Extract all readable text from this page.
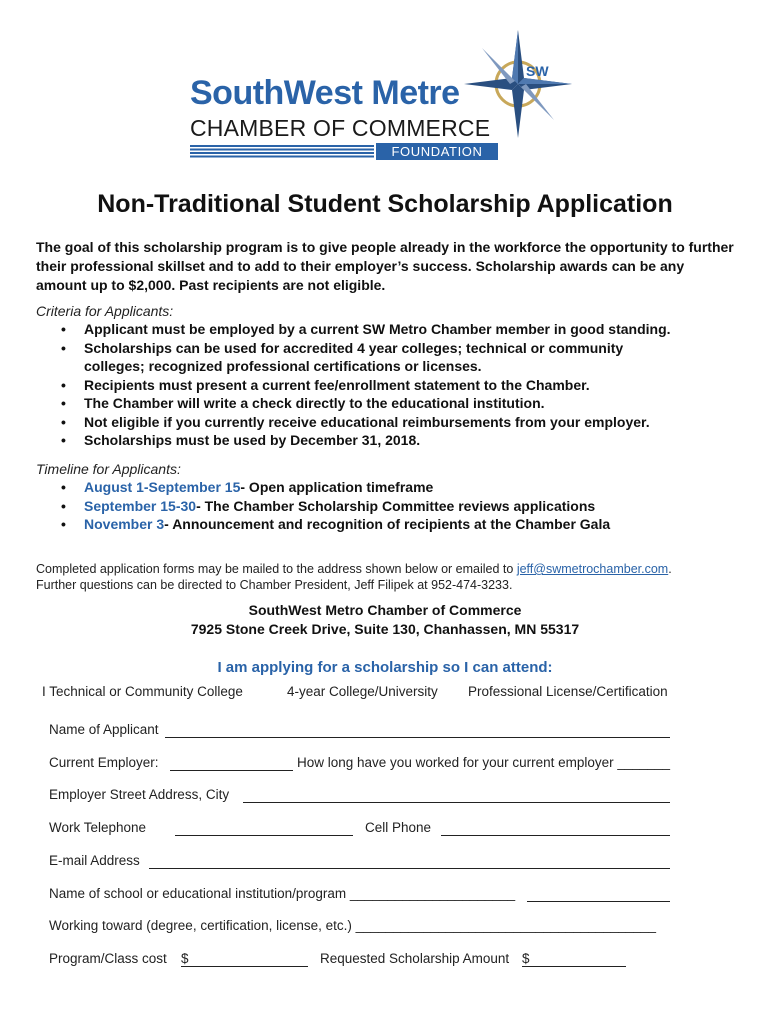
SouthWest Metre
CHAMBER OF COMMERCE
FOUNDATION
SW
Non-Traditional Student Scholarship Application
The goal of this scholarship program is to give people already in the workforce the opportunity to further their professional skillset and to add to their employer’s success. Scholarship awards can be any amount up to $2,000. Past recipients are not eligible.
Criteria for Applicants:
• Applicant must be employed by a current SW Metro Chamber member in good standing.
• Scholarships can be used for accredited 4 year colleges; technical or community colleges; recognized professional certifications or licenses.
• Recipients must present a current fee/enrollment statement to the Chamber.
• The Chamber will write a check directly to the educational institution.
• Not eligible if you currently receive educational reimbursements from your employer.
• Scholarships must be used by December 31, 2018.
Timeline for Applicants:
• August 1-September 15- Open application timeframe
• September 15-30- The Chamber Scholarship Committee reviews applications
• November 3- Announcement and recognition of recipients at the Chamber Gala
Completed application forms may be mailed to the address shown below or emailed to jeff@swmetrochamber.com.
Further questions can be directed to Chamber President, Jeff Filipek at 952-474-3233.
SouthWest Metro Chamber of Commerce
7925 Stone Creek Drive, Suite 130, Chanhassen, MN 55317
I am applying for a scholarship so I can attend:
I Technical or Community College	4-year College/University Professional License/Certification
Name of Applicant
Current Employer:	How long have you worked for your current employer _______
Employer Street Address, City
Work Telephone	Cell Phone
E-mail Address
Name of school or educational institution/program ______________________
Working toward (degree, certification, license, etc.) ________________________________________
Program/Class cost $	Requested Scholarship Amount $
